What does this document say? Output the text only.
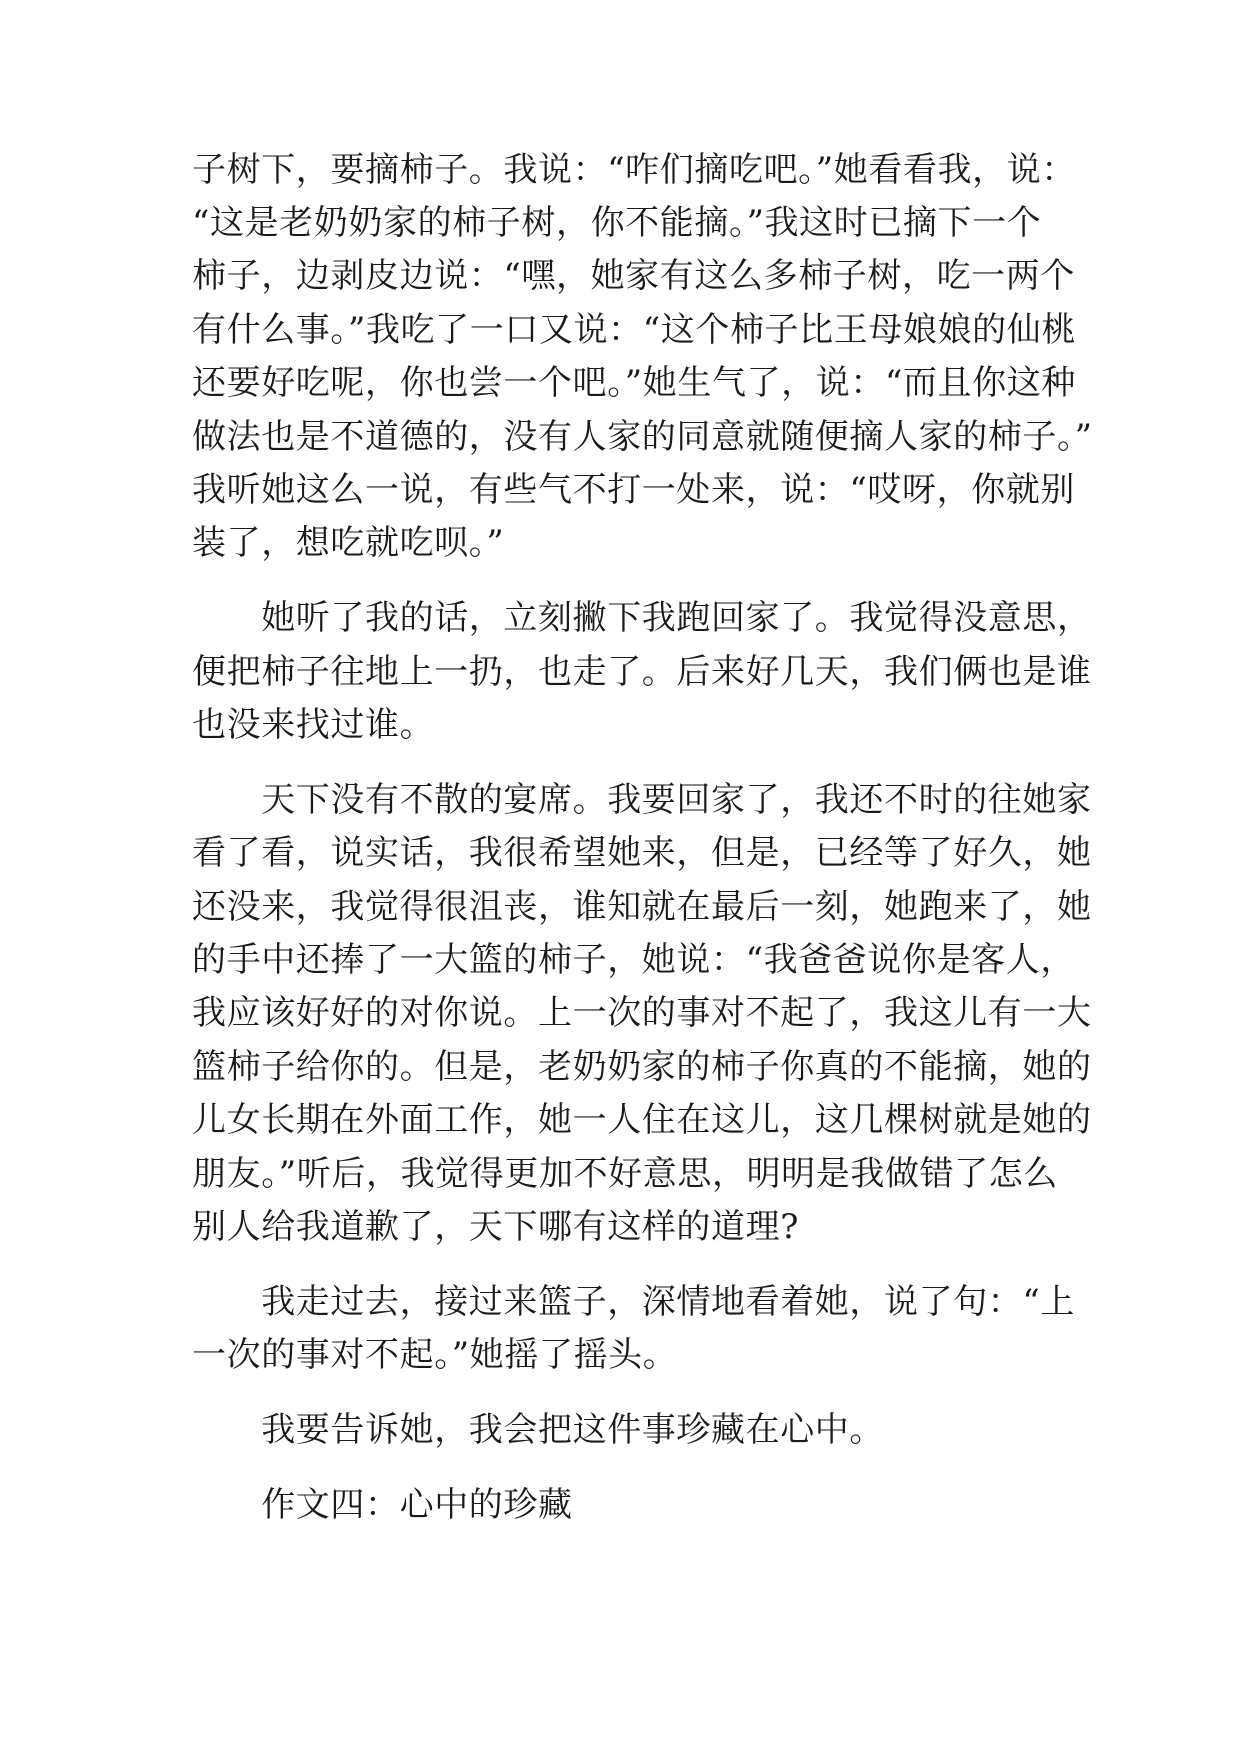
子树下，要摘柿子。我说：“咋们摘吃吧。”她看看我，说：
“这是老奶奶家的柿子树，你不能摘。”我这时已摘下一个
柿子，边剥皮边说：“嘿，她家有这么多柿子树，吃一两个
有什么事。”我吃了一口又说：“这个柿子比王母娘娘的仙桃
还要好吃呢，你也尝一个吧。”她生气了，说：“而且你这种
做法也是不道德的，没有人家的同意就随便摘人家的柿子。”
我听她这么一说，有些气不打一处来，说：“哎呀，你就别
装了，想吃就吃呗。”
　　她听了我的话，立刻撇下我跑回家了。我觉得没意思，
便把柿子往地上一扔，也走了。后来好几天，我们俩也是谁
也没来找过谁。
　　天下没有不散的宴席。我要回家了，我还不时的往她家
看了看，说实话，我很希望她来，但是，已经等了好久，她
还没来，我觉得很沮丧，谁知就在最后一刻，她跑来了，她
的手中还捧了一大篮的柿子，她说：“我爸爸说你是客人，
我应该好好的对你说。上一次的事对不起了，我这儿有一大
篮柿子给你的。但是，老奶奶家的柿子你真的不能摘，她的
儿女长期在外面工作，她一人住在这儿，这几棵树就是她的
朋友。”听后，我觉得更加不好意思，明明是我做错了怎么
别人给我道歉了，天下哪有这样的道理?
　　我走过去，接过来篮子，深情地看着她，说了句：“上
一次的事对不起。”她摇了摇头。
　　我要告诉她，我会把这件事珍藏在心中。
　　作文四：心中的珍藏
